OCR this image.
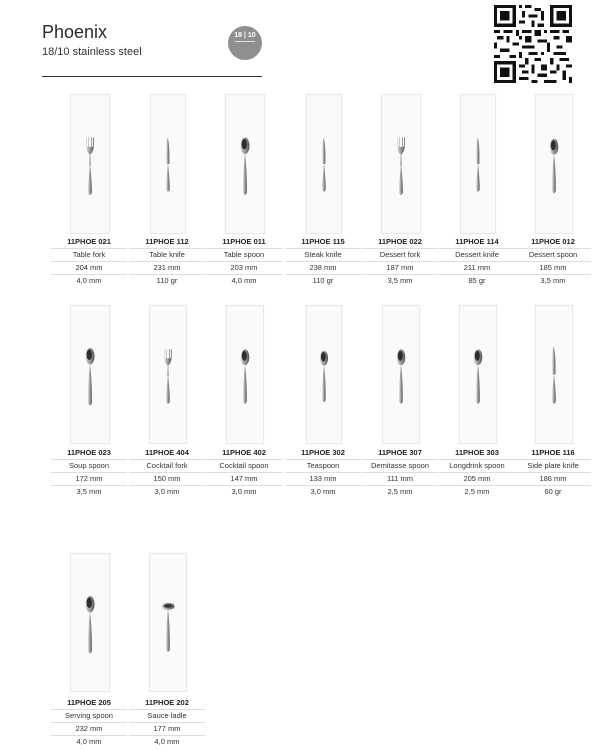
Phoenix
18/10 stainless steel
18 | 10
11PHOE 021
Table fork
204 mm
4,0 mm
11PHOE 112
Table knife
231 mm
110 gr
11PHOE 011
Table spoon
203 mm
4,0 mm
11PHOE 115
Steak knife
238 mm
110 gr
11PHOE 022
Dessert fork
187 mm
3,5 mm
11PHOE 114
Dessert knife
211 mm
85 gr
11PHOE 012
Dessert spoon
185 mm
3,5 mm
11PHOE 023
Soup spoon
172 mm
3,5 mm
11PHOE 404
Cocktail fork
150 mm
3,0 mm
11PHOE 402
Cocktail spoon
147 mm
3,0 mm
11PHOE 302
Teaspoon
133 mm
3,0 mm
11PHOE 307
Demitasse spoon
111 mm
2,5 mm
11PHOE 303
Longdrink spoon
205 mm
2,5 mm
11PHOE 116
Side plate knife
186 mm
60 gr
11PHOE 205
Serving spoon
232 mm
4,0 mm
11PHOE 202
Sauce ladle
177 mm
4,0 mm
